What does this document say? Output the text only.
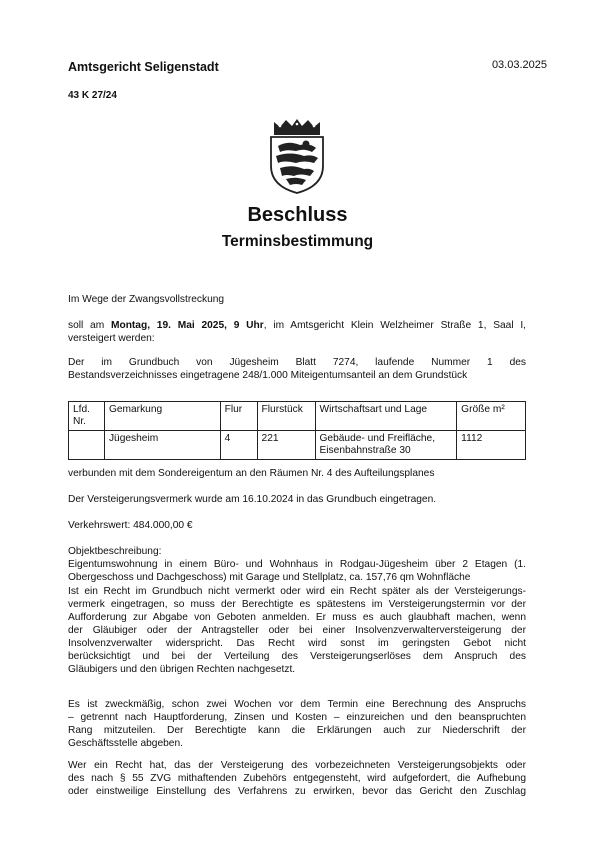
Amtsgericht Seligenstadt	03.03.2025
43 K 27/24
Beschluss
Terminsbestimmung
Im Wege der Zwangsvollstreckung
soll am Montag, 19. Mai 2025, 9 Uhr, im Amtsgericht Klein Welzheimer Straße 1, Saal I,
versteigert werden:
Der im Grundbuch von Jügesheim Blatt 7274, laufende Nummer 1 des
Bestandsverzeichnisses eingetragene 248/1.000 Miteigentumsanteil an dem Grundstück
Lfd. Nr.	Gemarkung	Flur	Flurstück	Wirtschaftsart und Lage	Größe m²
	Jügesheim	4	221	Gebäude- und Freifläche, Eisenbahnstraße 30	1112
verbunden mit dem Sondereigentum an den Räumen Nr. 4 des Aufteilungsplanes
Der Versteigerungsvermerk wurde am 16.10.2024 in das Grundbuch eingetragen.
Verkehrswert: 484.000,00 €
Objektbeschreibung:
Eigentumswohnung in einem Büro- und Wohnhaus in Rodgau-Jügesheim über 2 Etagen (1.
Obergeschoss und Dachgeschoss) mit Garage und Stellplatz, ca. 157,76 qm Wohnfläche
Ist ein Recht im Grundbuch nicht vermerkt oder wird ein Recht später als der Versteigerungs-
vermerk eingetragen, so muss der Berechtigte es spätestens im Versteigerungstermin vor der
Aufforderung zur Abgabe von Geboten anmelden. Er muss es auch glaubhaft machen, wenn
der Gläubiger oder der Antragsteller oder bei einer Insolvenzverwalterversteigerung der
Insolvenzverwalter widerspricht. Das Recht wird sonst im geringsten Gebot nicht
berücksichtigt und bei der Verteilung des Versteigerungserlöses dem Anspruch des
Gläubigers und den übrigen Rechten nachgesetzt.
Es ist zweckmäßig, schon zwei Wochen vor dem Termin eine Berechnung des Anspruchs
– getrennt nach Hauptforderung, Zinsen und Kosten – einzureichen und den beanspruchten
Rang mitzuteilen. Der Berechtigte kann die Erklärungen auch zur Niederschrift der
Geschäftsstelle abgeben.
Wer ein Recht hat, das der Versteigerung des vorbezeichneten Versteigerungsobjekts oder
des nach § 55 ZVG mithaftenden Zubehörs entgegensteht, wird aufgefordert, die Aufhebung
oder einstweilige Einstellung des Verfahrens zu erwirken, bevor das Gericht den Zuschlag
